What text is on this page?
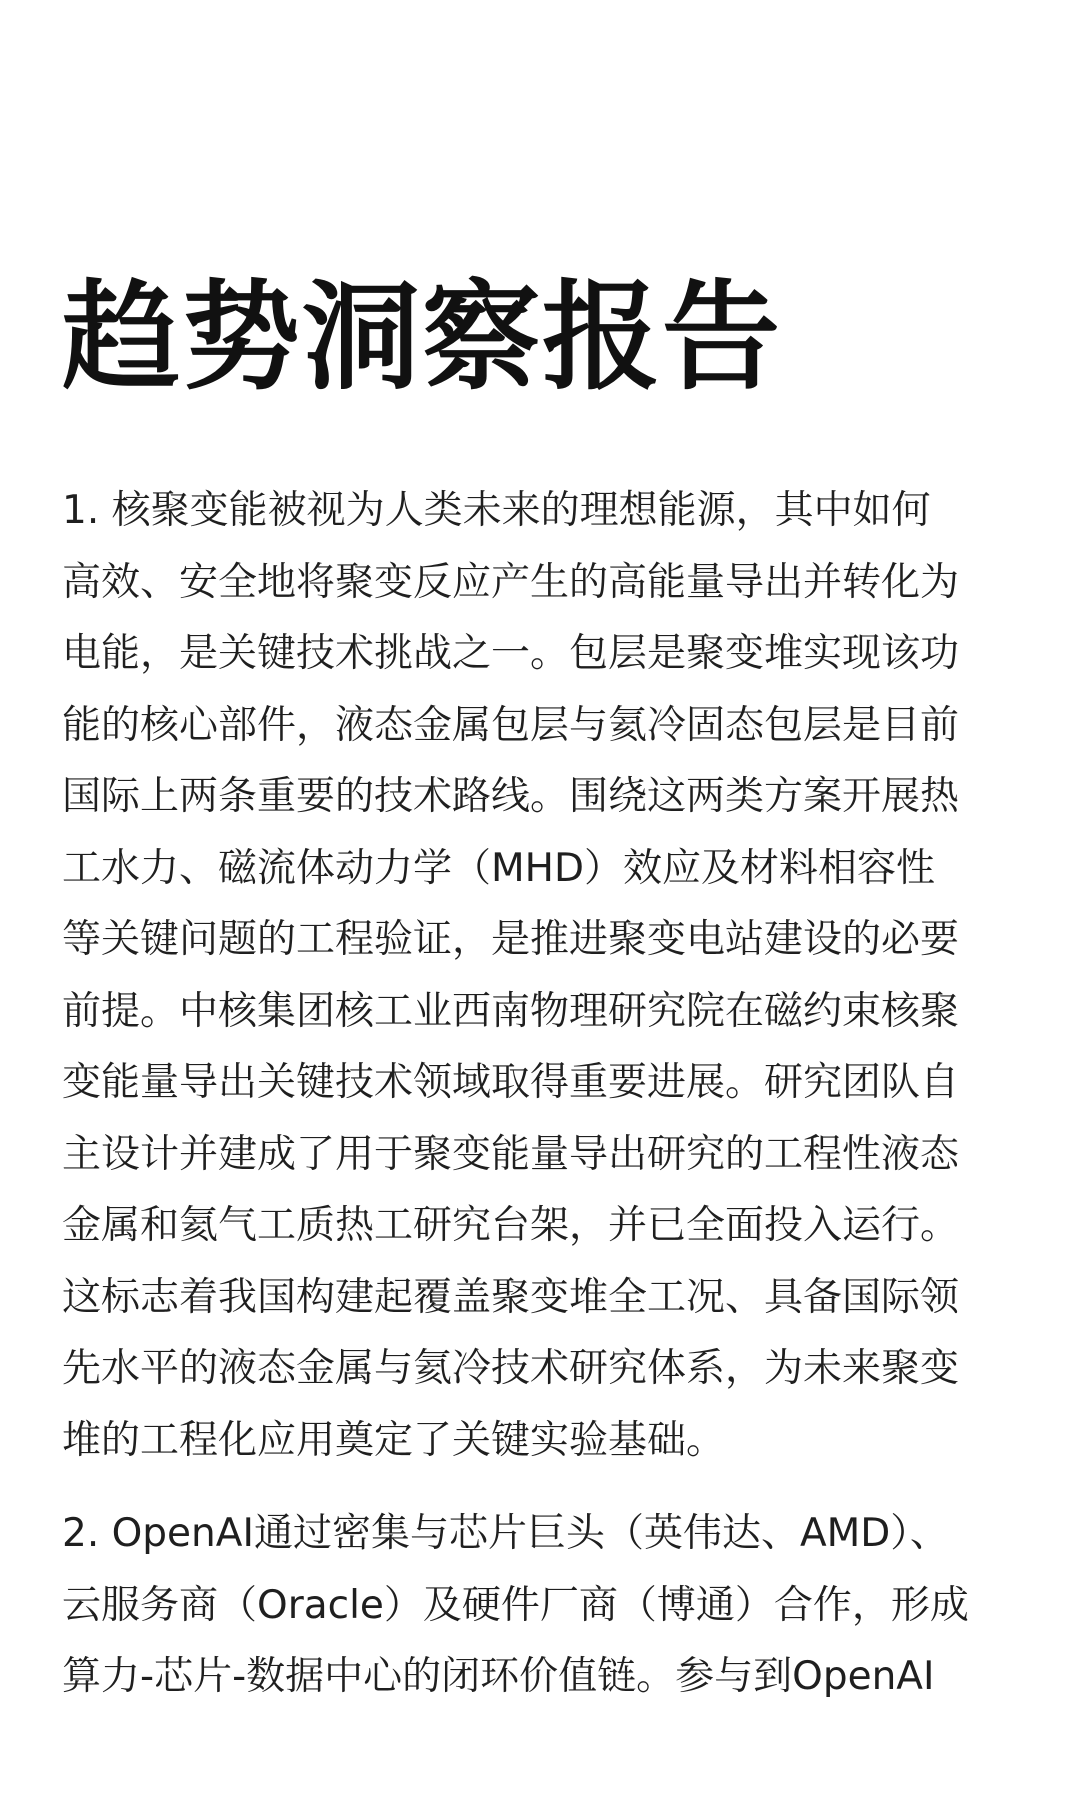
趋势洞察报告
1. 核聚变能被视为人类未来的理想能源，其中如何
高效、安全地将聚变反应产生的高能量导出并转化为
电能，是关键技术挑战之一。包层是聚变堆实现该功
能的核心部件，液态金属包层与氦冷固态包层是目前
国际上两条重要的技术路线。围绕这两类方案开展热
工水力、磁流体动力学（MHD）效应及材料相容性
等关键问题的工程验证，是推进聚变电站建设的必要
前提。中核集团核工业西南物理研究院在磁约束核聚
变能量导出关键技术领域取得重要进展。研究团队自
主设计并建成了用于聚变能量导出研究的工程性液态
金属和氦气工质热工研究台架，并已全面投入运行。
这标志着我国构建起覆盖聚变堆全工况、具备国际领
先水平的液态金属与氦冷技术研究体系，为未来聚变
堆的工程化应用奠定了关键实验基础。
2. OpenAI通过密集与芯片巨头（英伟达、AMD）、
云服务商（Oracle）及硬件厂商（博通）合作，形成
算力-芯片-数据中心的闭环价值链。参与到OpenAI
